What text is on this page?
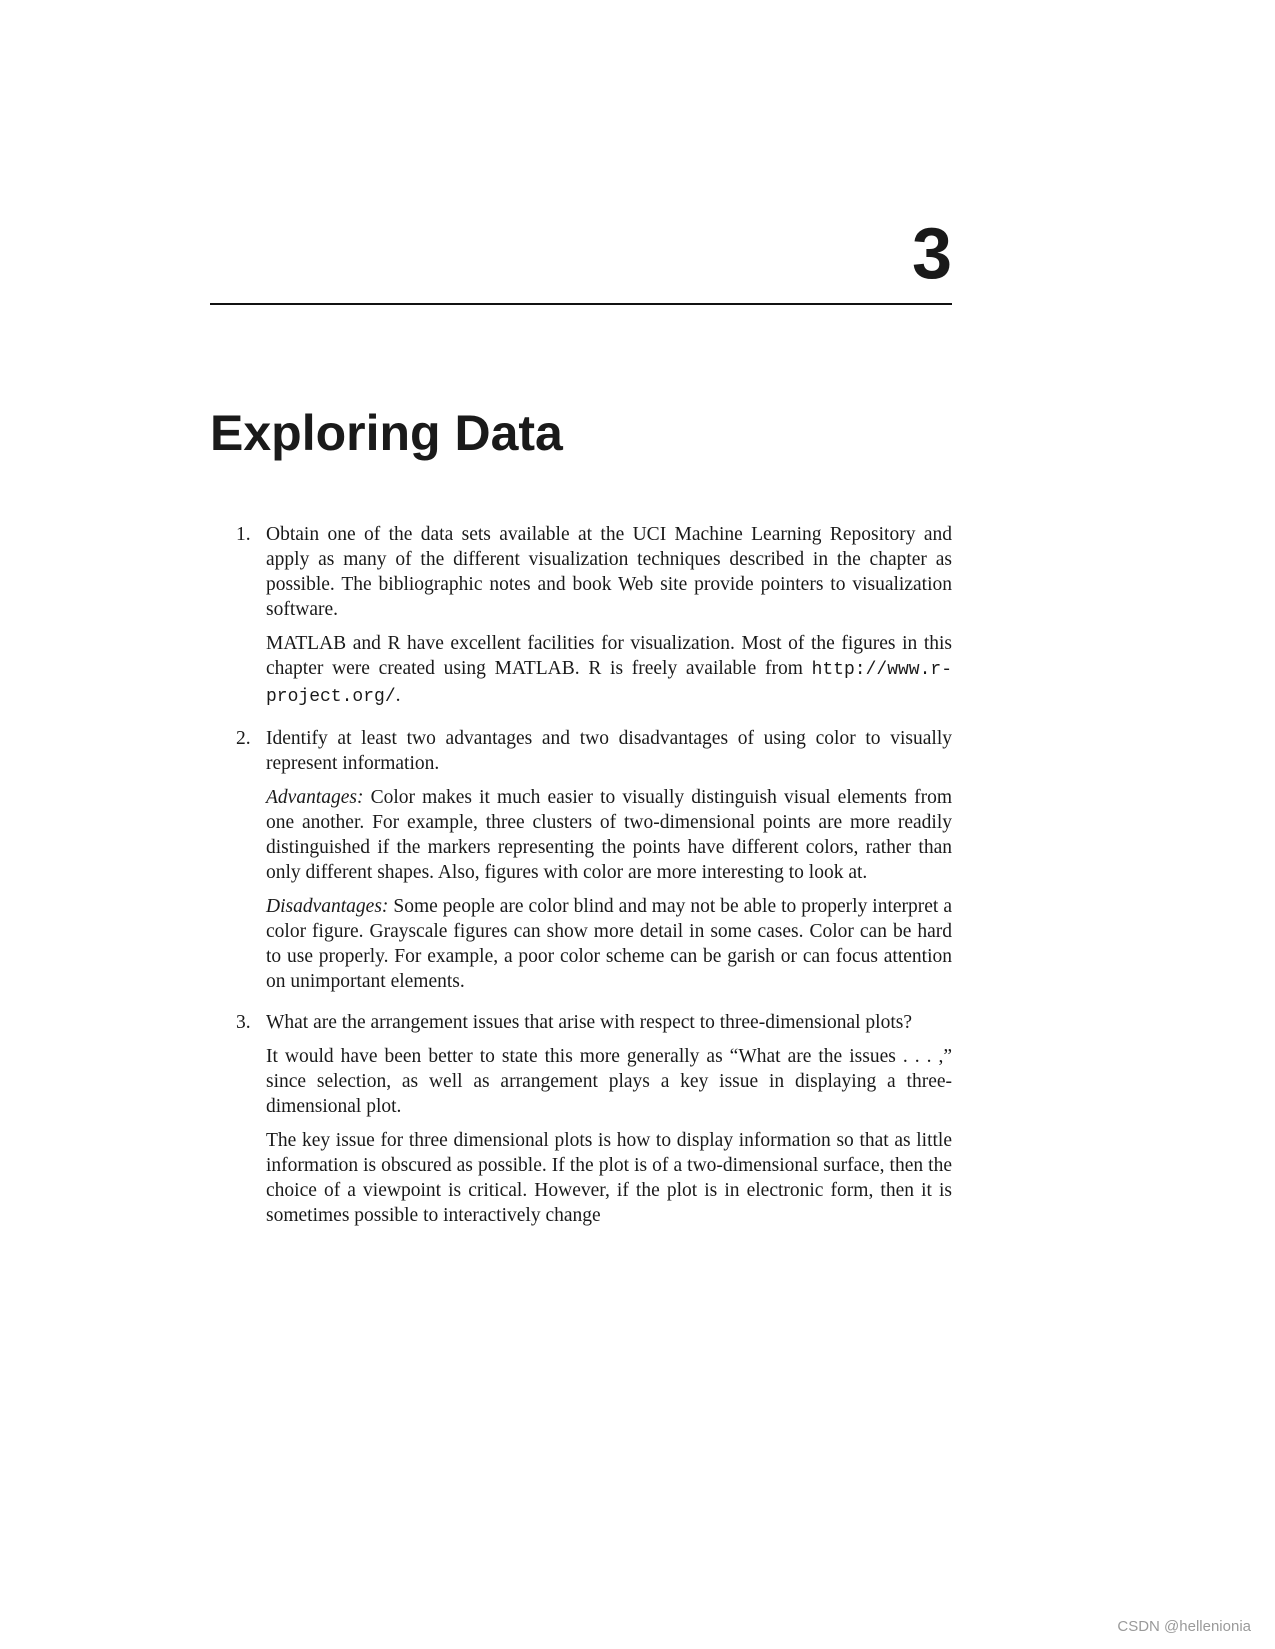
3
Exploring Data
1. Obtain one of the data sets available at the UCI Machine Learning Repository and apply as many of the different visualization techniques described in the chapter as possible. The bibliographic notes and book Web site provide pointers to visualization software.

MATLAB and R have excellent facilities for visualization. Most of the figures in this chapter were created using MATLAB. R is freely available from http://www.r-project.org/.

2. Identify at least two advantages and two disadvantages of using color to visually represent information.

Advantages: Color makes it much easier to visually distinguish visual elements from one another. For example, three clusters of two-dimensional points are more readily distinguished if the markers representing the points have different colors, rather than only different shapes. Also, figures with color are more interesting to look at.

Disadvantages: Some people are color blind and may not be able to properly interpret a color figure. Grayscale figures can show more detail in some cases. Color can be hard to use properly. For example, a poor color scheme can be garish or can focus attention on unimportant elements.

3. What are the arrangement issues that arise with respect to three-dimensional plots?

It would have been better to state this more generally as “What are the issues . . . ,” since selection, as well as arrangement plays a key issue in displaying a three-dimensional plot.

The key issue for three dimensional plots is how to display information so that as little information is obscured as possible. If the plot is of a two-dimensional surface, then the choice of a viewpoint is critical. However, if the plot is in electronic form, then it is sometimes possible to interactively change

CSDN @hellenionia
